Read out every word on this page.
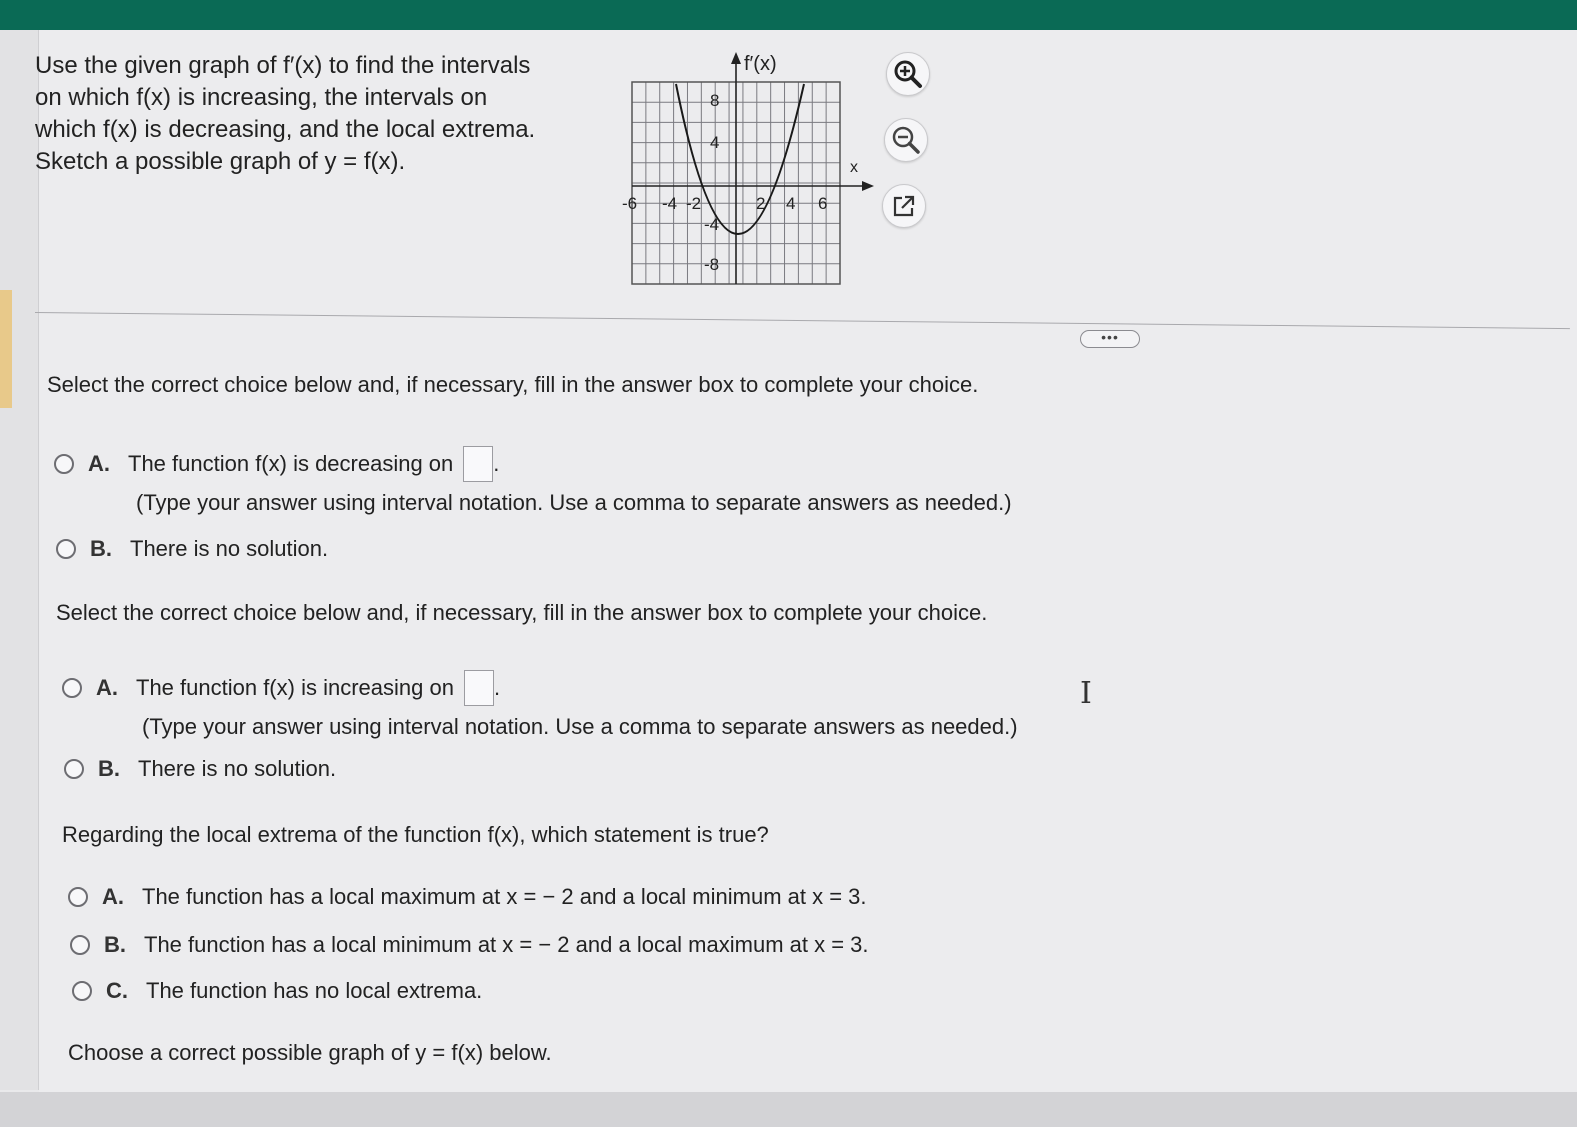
Use the given graph of f′(x) to find the intervals
on which f(x) is increasing, the intervals on
which f(x) is decreasing, and the local extrema.
Sketch a possible graph of y = f(x).
f′(x)
x
-6 -4 -2	2 4 6
8
4
-4
-8
•••
Select the correct choice below and, if necessary, fill in the answer box to complete your choice.
A. The function f(x) is decreasing on .
(Type your answer using interval notation. Use a comma to separate answers as needed.)
B. There is no solution.
Select the correct choice below and, if necessary, fill in the answer box to complete your choice.
A. The function f(x) is increasing on .	I
(Type your answer using interval notation. Use a comma to separate answers as needed.)
B. There is no solution.
Regarding the local extrema of the function f(x), which statement is true?
A. The function has a local maximum at x = − 2 and a local minimum at x = 3.
B. The function has a local minimum at x = − 2 and a local maximum at x = 3.
C. The function has no local extrema.
Choose a correct possible graph of y = f(x) below.
